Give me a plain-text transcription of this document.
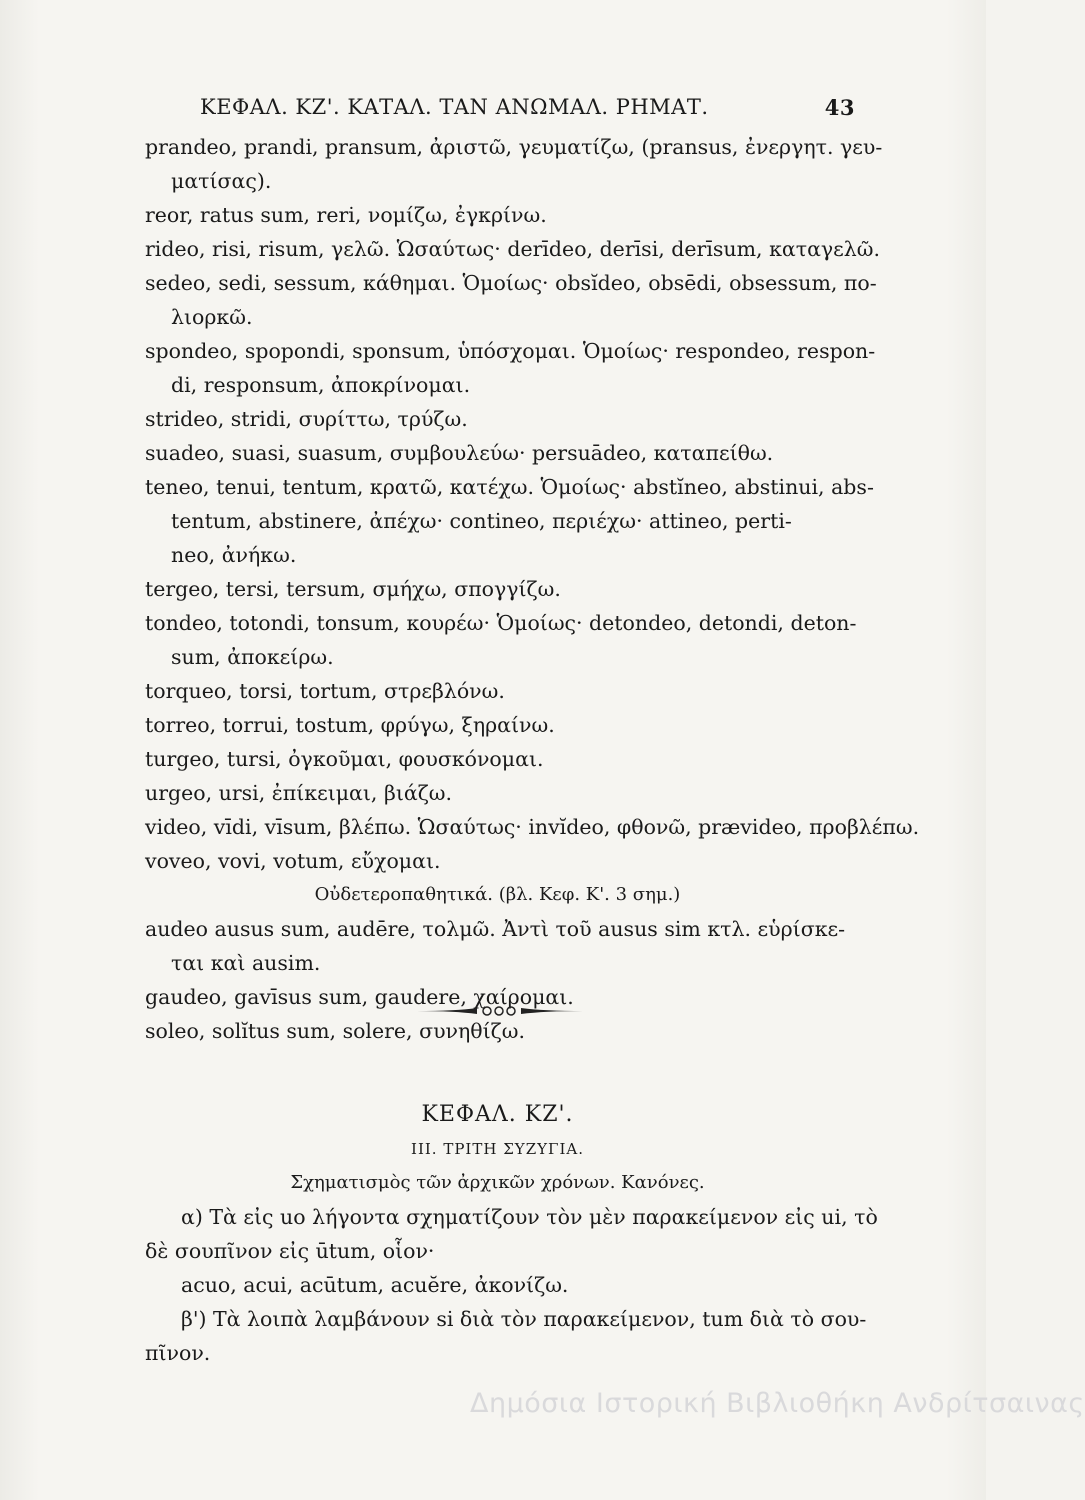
ΚΕΦΑΛ. ΚΖ'. ΚΑΤΑΛ. ΤΑΝ ΑΝΩΜΑΛ. ΡΗΜΑΤ.	43
prandeo, prandi, pransum, ἀριστῶ, γευματίζω, (pransus, ἐνεργητ. γευ-
ματίσας).
reor, ratus sum, reri, νομίζω, ἐγκρίνω.
rideo, risi, risum, γελῶ. Ὡσαύτως· derīdeo, derīsi, derīsum, καταγελῶ.
sedeo, sedi, sessum, κάθημαι. Ὁμοίως· obsĭdeo, obsēdi, obsessum, πο-
λιορκῶ.
spondeo, spopondi, sponsum, ὑπόσχομαι. Ὁμοίως· respondeo, respon-
di, responsum, ἀποκρίνομαι.
strideo, stridi, συρίττω, τρύζω.
suadeo, suasi, suasum, συμβουλεύω· persuādeo, καταπείθω.
teneo, tenui, tentum, κρατῶ, κατέχω. Ὁμοίως· abstĭneo, abstinui, abs-
tentum, abstinere, ἀπέχω· contineo, περιέχω· attineo, perti-
neo, ἀνήκω.
tergeo, tersi, tersum, σμήχω, σπογγίζω.
tondeo, totondi, tonsum, κουρέω· Ὁμοίως· detondeo, detondi, deton-
sum, ἀποκείρω.
torqueo, torsi, tortum, στρεβλόνω.
torreo, torrui, tostum, φρύγω, ξηραίνω.
turgeo, tursi, ὀγκοῦμαι, φουσκόνομαι.
urgeo, ursi, ἐπίκειμαι, βιάζω.
video, vīdi, vīsum, βλέπω. Ὡσαύτως· invĭdeo, φθονῶ, prævideo, προβλέπω.
voveo, vovi, votum, εὔχομαι.
Οὐδετεροπαθητικά. (βλ. Κεφ. Κ'. 3 σημ.)
audeo ausus sum, audēre, τολμῶ. Ἀντὶ τοῦ ausus sim κτλ. εὑρίσκε-
ται καὶ ausim.
gaudeo, gavīsus sum, gaudere, χαίρομαι.
soleo, solĭtus sum, solere, συνηθίζω.
ΚΕΦΑΛ. ΚΖ'.
III. ΤΡΙΤΗ ΣΥΖΥΓΙΑ.
Σχηματισμὸς τῶν ἀρχικῶν χρόνων. Κανόνες.
α) Τὰ εἰς uo λήγοντα σχηματίζουν τὸν μὲν παρακείμενον εἰς ui, τὸ
δὲ σουπῖνον εἰς ūtum, οἷον·
acuo, acui, acūtum, acuĕre, ἀκονίζω.
β') Τὰ λοιπὰ λαμβάνουν si διὰ τὸν παρακείμενον, tum διὰ τὸ σου-
πῖνον.
Δημόσια Ιστορική Βιβλιοθήκη Ανδρίτσαινας
